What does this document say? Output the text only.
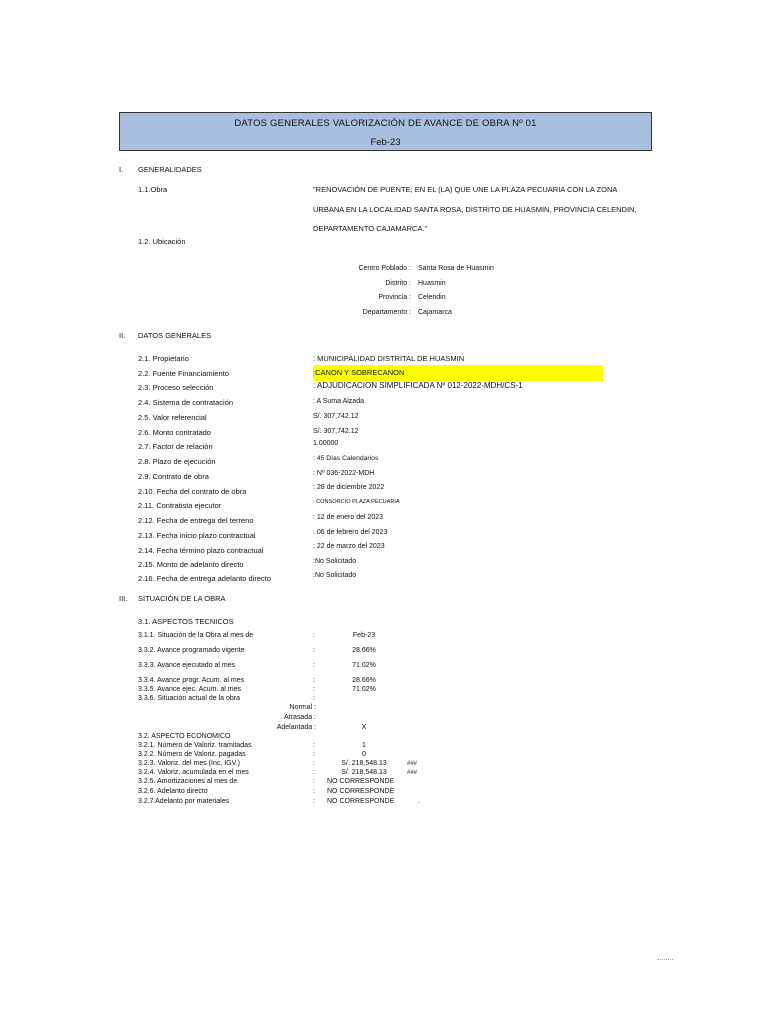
DATOS GENERALES VALORIZACIÓN DE AVANCE DE OBRA Nº 01
Feb-23
I. GENERALIDADES
1.1.Obra	"RENOVACIÓN DE PUENTE; EN EL (LA) QUE UNE LA PLAZA PECUARIA CON LA ZONA
URBANA EN LA LOCALIDAD SANTA ROSA, DISTRITO DE HUASMIN, PROVINCIA CELENDIN,
DEPARTAMENTO CAJAMARCA."
1.2. Ubicación
Centro Poblado : Santa Rosa de Huasmin
Distrito : Huasmin
Provincia : Celendin
Departamento : Cajamarca
II. DATOS GENERALES
2.1. Propietario	: MUNICIPALIDAD DISTRITAL DE HUASMIN
2.2. Fuente Financiamiento	:CANON Y SOBRECANON
2.3. Proceso selección	: ADJUDICACION SIMPLIFICADA Nº 012-2022-MDH/CS-1
2.4. Sistema de contratación	: A Suma Alzada
2.5. Valor referencial	S/. 307,742.12
2.6. Monto contratado	S/. 307,742.12
2.7. Factor de relación	1.00000
2.8. Plazo de ejecución	: 45 Días Calendarios
2.9. Contrato de obra	: Nº 036-2022-MDH
2.10. Fecha del contrato de obra	: 28 de diciembre 2022
2.11. Contratista ejecutor	: CONSORCIO PLAZA PECUARIA
2.12. Fecha de entrega del terreno	: 12 de enero del 2023
2.13. Fecha inicio plazo contractual	: 06 de febrero del 2023
2.14. Fecha término plazo contractual	: 22 de marzo del 2023
2.15. Monto de adelanto directo	:No Solicitado
2.16. Fecha de entrega adelanto directo	:No Solicitado
III. SITUACIÓN DE LA OBRA
3.1. ASPECTOS TECNICOS
3.1.1. Situación de la Obra al mes de	:	Feb-23
3.3.2. Avance programado vigente	:	28.66%
3.3.3. Avance ejecutado al mes	:	71.02%
3.3.4. Avance progr. Acum. al mes	:	28.66%
3.3.5. Avance ejec. Acum. al mes	:	71.02%
3.3.6. Situación actual de la obra	:
Normal :
Atrasada :
Adelantada :	X
3.2. ASPECTO ECONOMICO
3.2.1. Número de Valoriz. tramitadas	:	1
3.2.2. Número de Valoriz. pagadas	:	0
3.2.3. Valoriz. del mes (Inc. IGV.)	:	S/. 218,548.13	###
3.2.4. Valoriz. acumulada en el mes	:	S/. 218,548.13	###
3.2.5. Amortizaciones al mes de	: NO CORRESPONDE
3.2.6. Adelanto directo	: NO CORRESPONDE
3.2.7 Adelanto por materiales	: NO CORRESPONDE	.
